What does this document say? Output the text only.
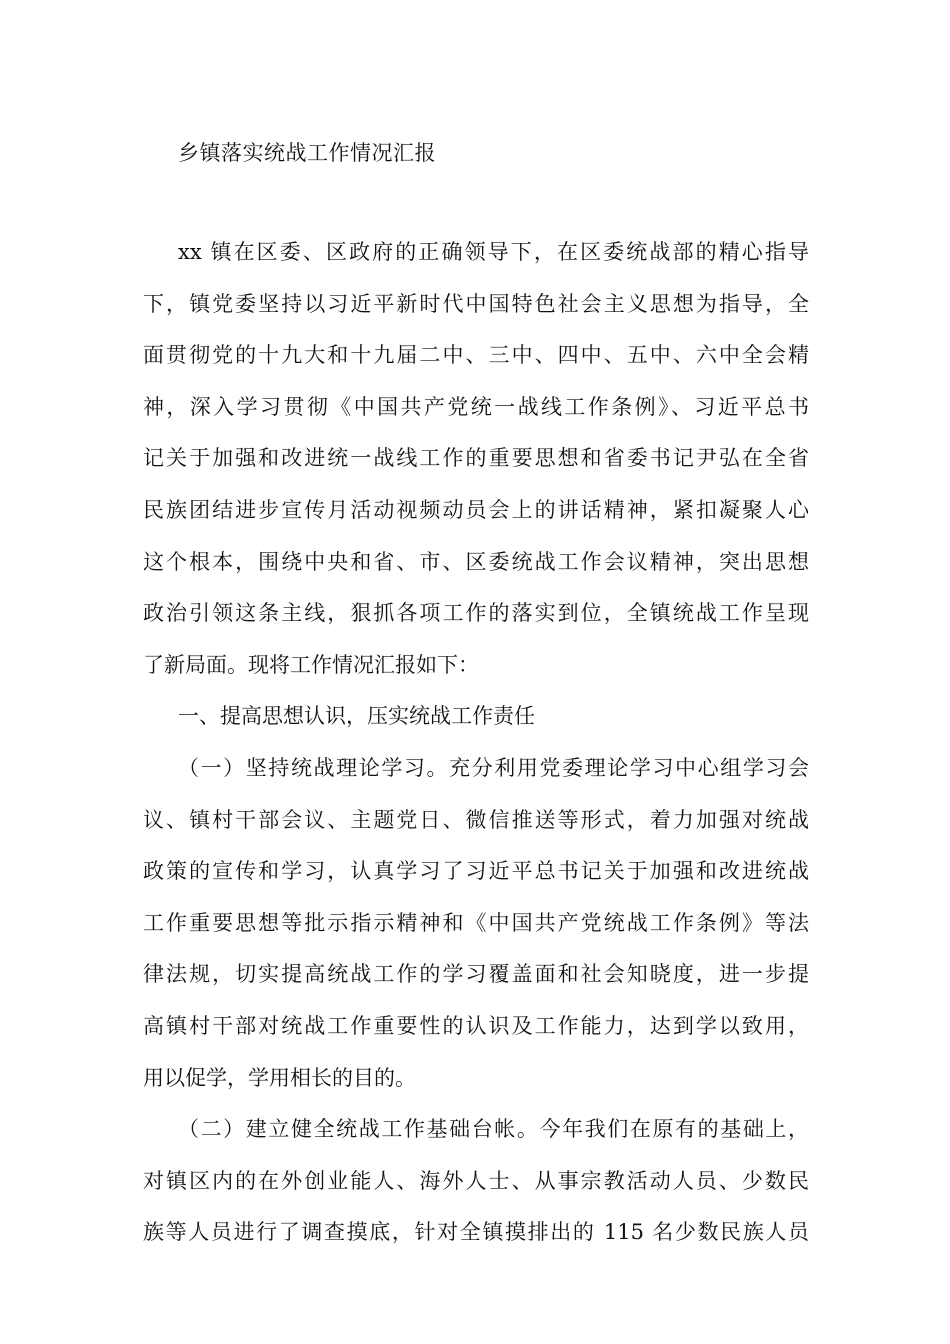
乡镇落实统战工作情况汇报
xx 镇在区委、区政府的正确领导下，在区委统战部的精心指导
下，镇党委坚持以习近平新时代中国特色社会主义思想为指导，全
面贯彻党的十九大和十九届二中、三中、四中、五中、六中全会精
神，深入学习贯彻《中国共产党统一战线工作条例》、习近平总书
记关于加强和改进统一战线工作的重要思想和省委书记尹弘在全省
民族团结进步宣传月活动视频动员会上的讲话精神，紧扣凝聚人心
这个根本，围绕中央和省、市、区委统战工作会议精神，突出思想
政治引领这条主线，狠抓各项工作的落实到位，全镇统战工作呈现
了新局面。现将工作情况汇报如下：
一、提高思想认识，压实统战工作责任
（一）坚持统战理论学习。充分利用党委理论学习中心组学习会
议、镇村干部会议、主题党日、微信推送等形式，着力加强对统战
政策的宣传和学习，认真学习了习近平总书记关于加强和改进统战
工作重要思想等批示指示精神和《中国共产党统战工作条例》等法
律法规，切实提高统战工作的学习覆盖面和社会知晓度，进一步提
高镇村干部对统战工作重要性的认识及工作能力，达到学以致用，
用以促学，学用相长的目的。
（二）建立健全统战工作基础台帐。今年我们在原有的基础上，
对镇区内的在外创业能人、海外人士、从事宗教活动人员、少数民
族等人员进行了调查摸底，针对全镇摸排出的 115 名少数民族人员
